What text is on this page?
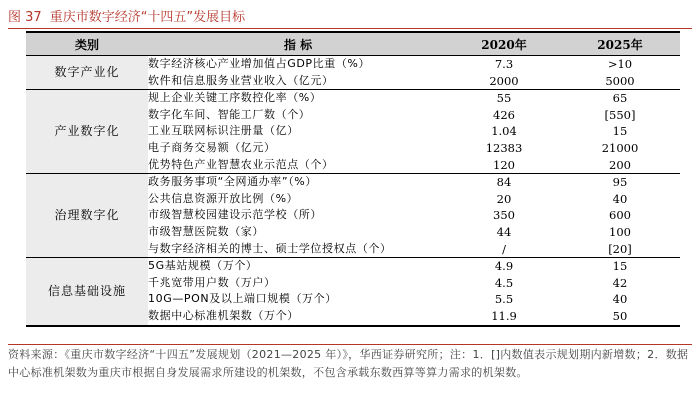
图 37 重庆市数字经济“十四五”发展目标
类别	指 标	2020年	2025年
数字产业化	数字经济核心产业增加值占GDP比重（%）	7.3	>10
	软件和信息服务业营业收入（亿元）	2000	5000
产业数字化	规上企业关键工序数控化率（%）	55	65
	数字化车间、智能工厂数（个）	426	[550]
	工业互联网标识注册量（亿）	1.04	15
	电子商务交易额（亿元）	12383	21000
	优势特色产业智慧农业示范点（个）	120	200
治理数字化	政务服务事项“全网通办率”（%）	84	95
	公共信息资源开放比例（%）	20	40
	市级智慧校园建设示范学校（所）	350	600
	市级智慧医院数（家）	44	100
	与数字经济相关的博士、硕士学位授权点（个）	/	[20]
信息基础设施	5G基站规模（万个）	4.9	15
	千兆宽带用户数（万户）	4.5	42
	10G—PON及以上端口规模（万个）	5.5	40
	数据中心标准机架数（万个）	11.9	50
资料来源：《重庆市数字经济“十四五”发展规划（2021—2025 年）》，华西证券研究所；注：1．[]内数值表示规划期内新增数；2．数据中心标准机架数为重庆市根据自身发展需求所建设的机架数，不包含承载东数西算等算力需求的机架数。
